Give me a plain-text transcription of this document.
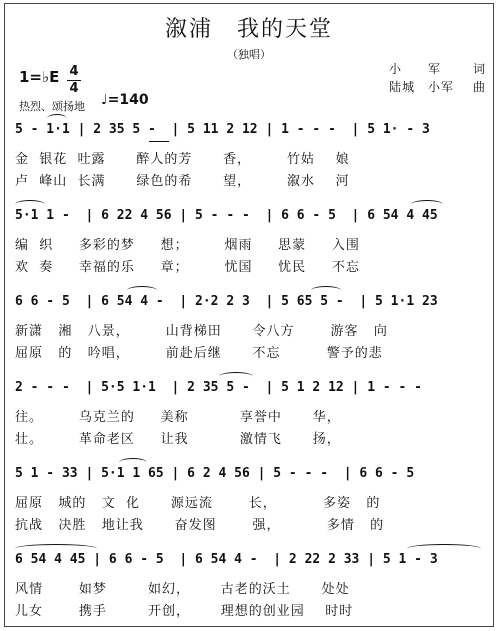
溆浦　我的天堂
（独唱）
1=♭E 4
4
热烈、颂扬地 ♩=140
小　　军	词
陆城　小军 曲
5 - 1·1 | 2 35 5 -  | 5 11 2 12 | 1 - - -  | 5 1· - 3
金  银花  吐露      醉人的芳      香，       竹姑    娘
卢  峰山  长满      绿色的希      望，       溆水    河
5·1 1 -  | 6 22 4 56 | 5 - - -  | 6 6 - 5  | 6 54 4 45
编  织     多彩的梦     想；       烟雨     思蒙     入围
欢  奏     幸福的乐     章；       忧国     忧民     不忘
6 6 - 5  | 6 54 4 -  | 2·2 2 3  | 5 65 5 -  | 5 1·1 23
新潇   湘   八景，       山背梯田      令八方       游客   向
屈原   的   吟唱，       前赴后继      不忘         警予的悲
2 - - -  | 5·5 1·1  | 2 35 5 -  | 5 1 2 12 | 1 - - -
往。       乌克兰的     美称          享誉中      华，
壮。       革命老区     让我          激情飞      扬，
5 1 - 33 | 5·1 1 65 | 6 2 4 56 | 5 - - -  | 6 6 - 5
屈原   城的   文  化      源远流       长，         多姿   的
抗战   决胜   地让我      奋发图       强，         多情   的
6 54 4 45 | 6 6 - 5  | 6 54 4 -  | 2 22 2 33 | 5 1 - 3
风情       如梦        如幻，      古老的沃土      处处
儿女       携手        开创，      理想的创业园    时时
